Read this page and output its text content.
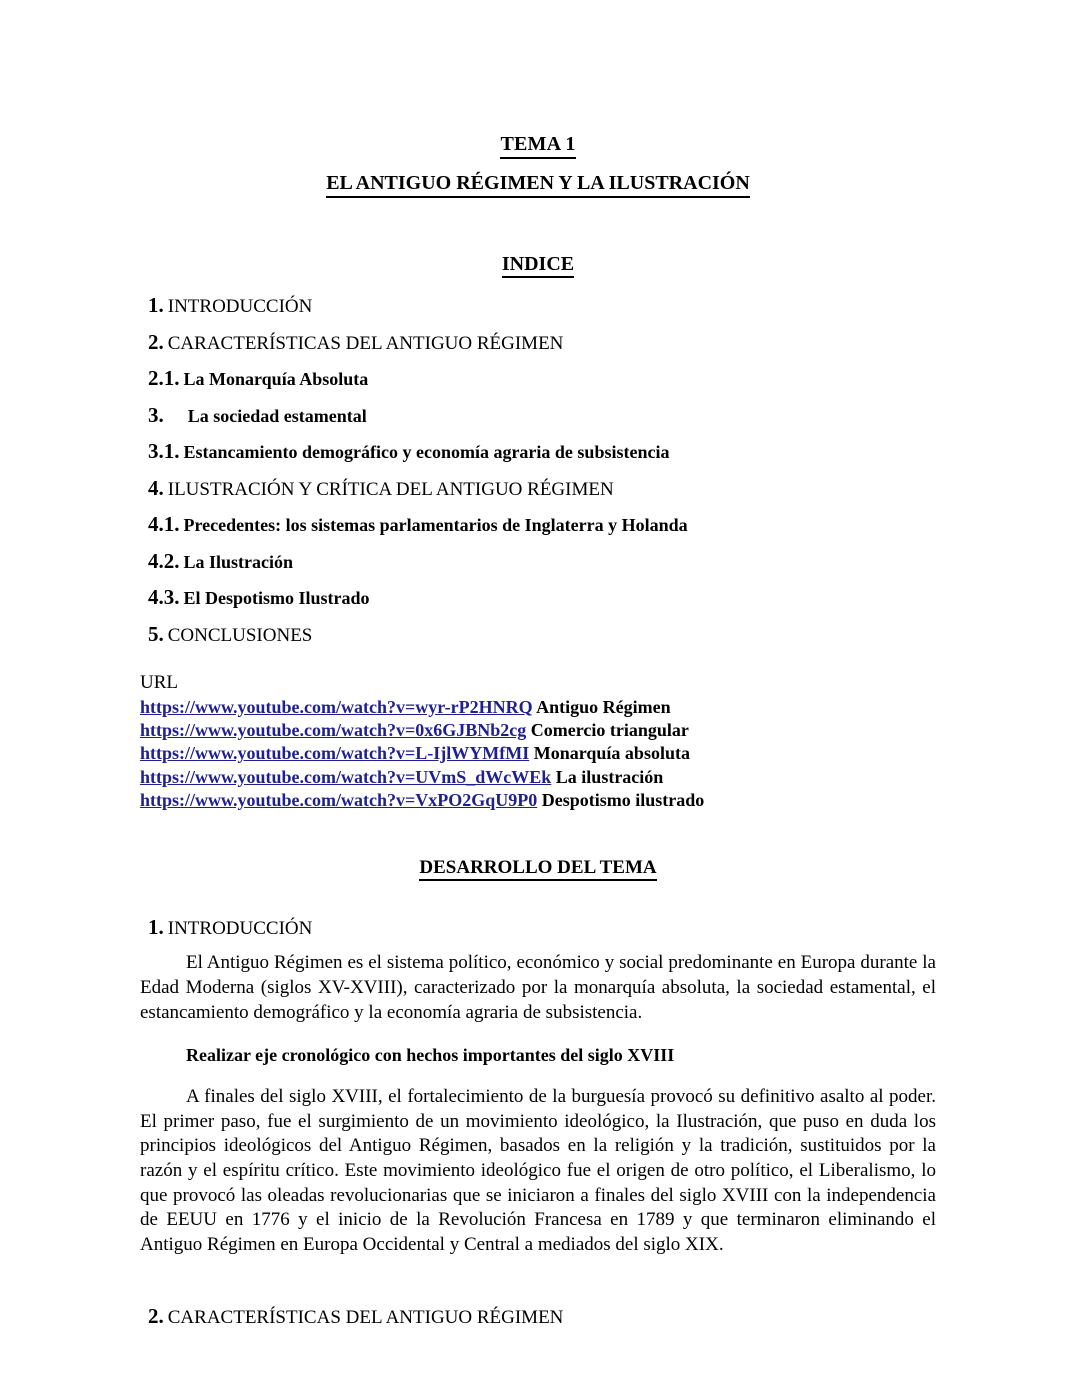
TEMA 1
EL ANTIGUO RÉGIMEN Y LA ILUSTRACIÓN
INDICE
1. INTRODUCCIÓN
2. CARACTERÍSTICAS DEL ANTIGUO RÉGIMEN
2.1. La Monarquía Absoluta
3. La sociedad estamental
3.1. Estancamiento demográfico y economía agraria de subsistencia
4. ILUSTRACIÓN Y CRÍTICA DEL ANTIGUO RÉGIMEN
4.1. Precedentes: los sistemas parlamentarios de Inglaterra y Holanda
4.2. La Ilustración
4.3. El Despotismo Ilustrado
5. CONCLUSIONES
URL
https://www.youtube.com/watch?v=wyr-rP2HNRQ Antiguo Régimen
https://www.youtube.com/watch?v=0x6GJBNb2cg Comercio triangular
https://www.youtube.com/watch?v=L-IjlWYMfMI Monarquía absoluta
https://www.youtube.com/watch?v=UVmS_dWcWEk La ilustración
https://www.youtube.com/watch?v=VxPO2GqU9P0 Despotismo ilustrado
DESARROLLO DEL TEMA
1. INTRODUCCIÓN

El Antiguo Régimen es el sistema político, económico y social predominante en Europa durante la Edad Moderna (siglos XV-XVIII), caracterizado por la monarquía absoluta, la sociedad estamental, el estancamiento demográfico y la economía agraria de subsistencia.

Realizar eje cronológico con hechos importantes del siglo XVIII

A finales del siglo XVIII, el fortalecimiento de la burguesía provocó su definitivo asalto al poder. El primer paso, fue el surgimiento de un movimiento ideológico, la Ilustración, que puso en duda los principios ideológicos del Antiguo Régimen, basados en la religión y la tradición, sustituidos por la razón y el espíritu crítico. Este movimiento ideológico fue el origen de otro político, el Liberalismo, lo que provocó las oleadas revolucionarias que se iniciaron a finales del siglo XVIII con la independencia de EEUU en 1776 y el inicio de la Revolución Francesa en 1789 y que terminaron eliminando el Antiguo Régimen en Europa Occidental y Central a mediados del siglo XIX.

2. CARACTERÍSTICAS DEL ANTIGUO RÉGIMEN
